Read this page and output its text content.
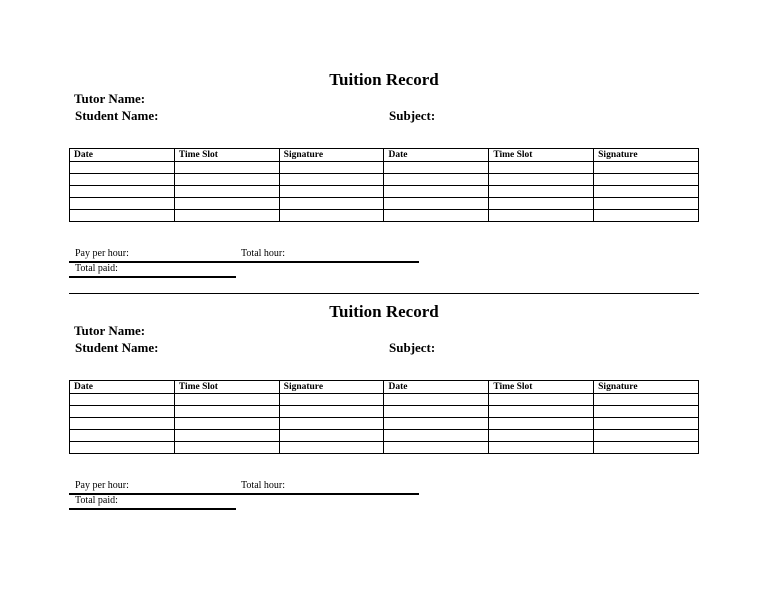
Tuition Record
Tutor Name:
Student Name:	Subject:
Date	Time Slot	Signature	Date	Time Slot	Signature

Pay per hour:	Total hour:
Total paid:
Tuition Record
Tutor Name:
Student Name:	Subject:
Date	Time Slot	Signature	Date	Time Slot	Signature

Pay per hour:	Total hour:
Total paid:
